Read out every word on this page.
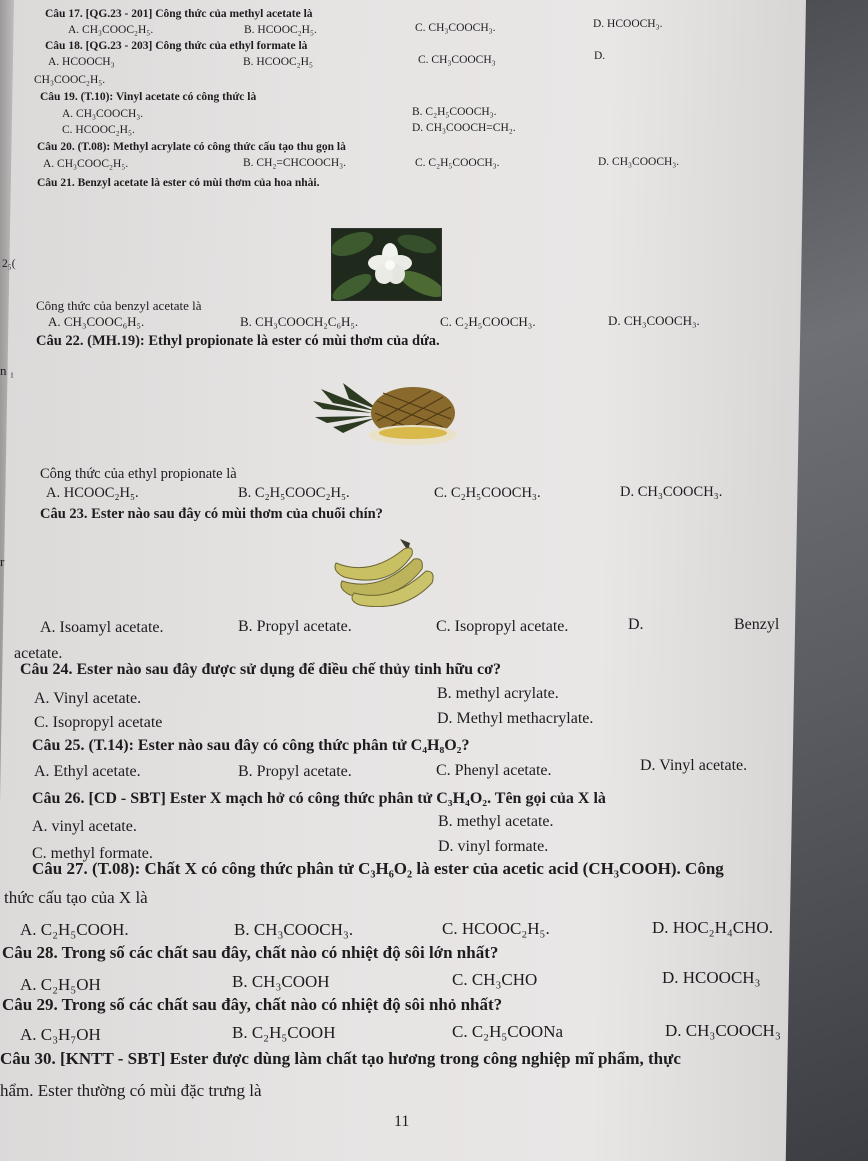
Câu 17. [QG.23 - 201] Công thức của methyl acetate là
A. CH₃COOC₂H₅.	B. HCOOC₂H₅.	C. CH₃COOCH₃.	D. HCOOCH₃.
Câu 18. [QG.23 - 203] Công thức của ethyl formate là
A. HCOOCH₃	B. HCOOC₂H₅	C. CH₃COOCH₃	D.
CH₃COOC₂H₅.
Câu 19. (T.10): Vinyl acetate có công thức là
A. CH₃COOCH₃.	B. C₂H₅COOCH₃.
C. HCOOC₂H₅.	D. CH₃COOCH=CH₂.
Câu 20. (T.08): Methyl acrylate có công thức cấu tạo thu gọn là
A. CH₃COOC₂H₅.	B. CH₂=CHCOOCH₃.	C. C₂H₅COOCH₃.	D. CH₃COOCH₃.
Câu 21. Benzyl acetate là ester có mùi thơm của hoa nhài.
2₅(
Công thức của benzyl acetate là
A. CH₃COOC₆H₅.	B. CH₃COOCH₂C₆H₅.	C. C₂H₅COOCH₃.	D. CH₃COOCH₃.
Câu 22. (MH.19): Ethyl propionate là ester có mùi thơm của dứa.
n ₁
Công thức của ethyl propionate là
A. HCOOC₂H₅.	B. C₂H₅COOC₂H₅.	C. C₂H₅COOCH₃.	D. CH₃COOCH₃.
Câu 23. Ester nào sau đây có mùi thơm của chuối chín?
r
A. Isoamyl acetate.	B. Propyl acetate.	C. Isopropyl acetate.	D.	Benzyl
acetate.
Câu 24. Ester nào sau đây được sử dụng để điều chế thủy tinh hữu cơ?
A. Vinyl acetate.	B. methyl acrylate.
C. Isopropyl acetate	D. Methyl methacrylate.
Câu 25. (T.14): Ester nào sau đây có công thức phân tử C₄H₈O₂?
A. Ethyl acetate.	B. Propyl acetate.	C. Phenyl acetate.	D. Vinyl acetate.
Câu 26. [CD - SBT] Ester X mạch hở có công thức phân tử C₃H₄O₂. Tên gọi của X là
A. vinyl acetate.	B. methyl acetate.
C. methyl formate.	D. vinyl formate.
Câu 27. (T.08): Chất X có công thức phân tử C₃H₆O₂ là ester của acetic acid (CH₃COOH). Công
thức cấu tạo của X là
A. C₂H₅COOH.	B. CH₃COOCH₃.	C. HCOOC₂H₅.	D. HOC₂H₄CHO.
Câu 28. Trong số các chất sau đây, chất nào có nhiệt độ sôi lớn nhất?
A. C₂H₅OH	B. CH₃COOH	C. CH₃CHO	D. HCOOCH₃
Câu 29. Trong số các chất sau đây, chất nào có nhiệt độ sôi nhỏ nhất?
A. C₃H₇OH	B. C₂H₅COOH	C. C₂H₅COONa	D. CH₃COOCH₃
Câu 30. [KNTT - SBT] Ester được dùng làm chất tạo hương trong công nghiệp mĩ phẩm, thực
hẩm. Ester thường có mùi đặc trưng là
11
